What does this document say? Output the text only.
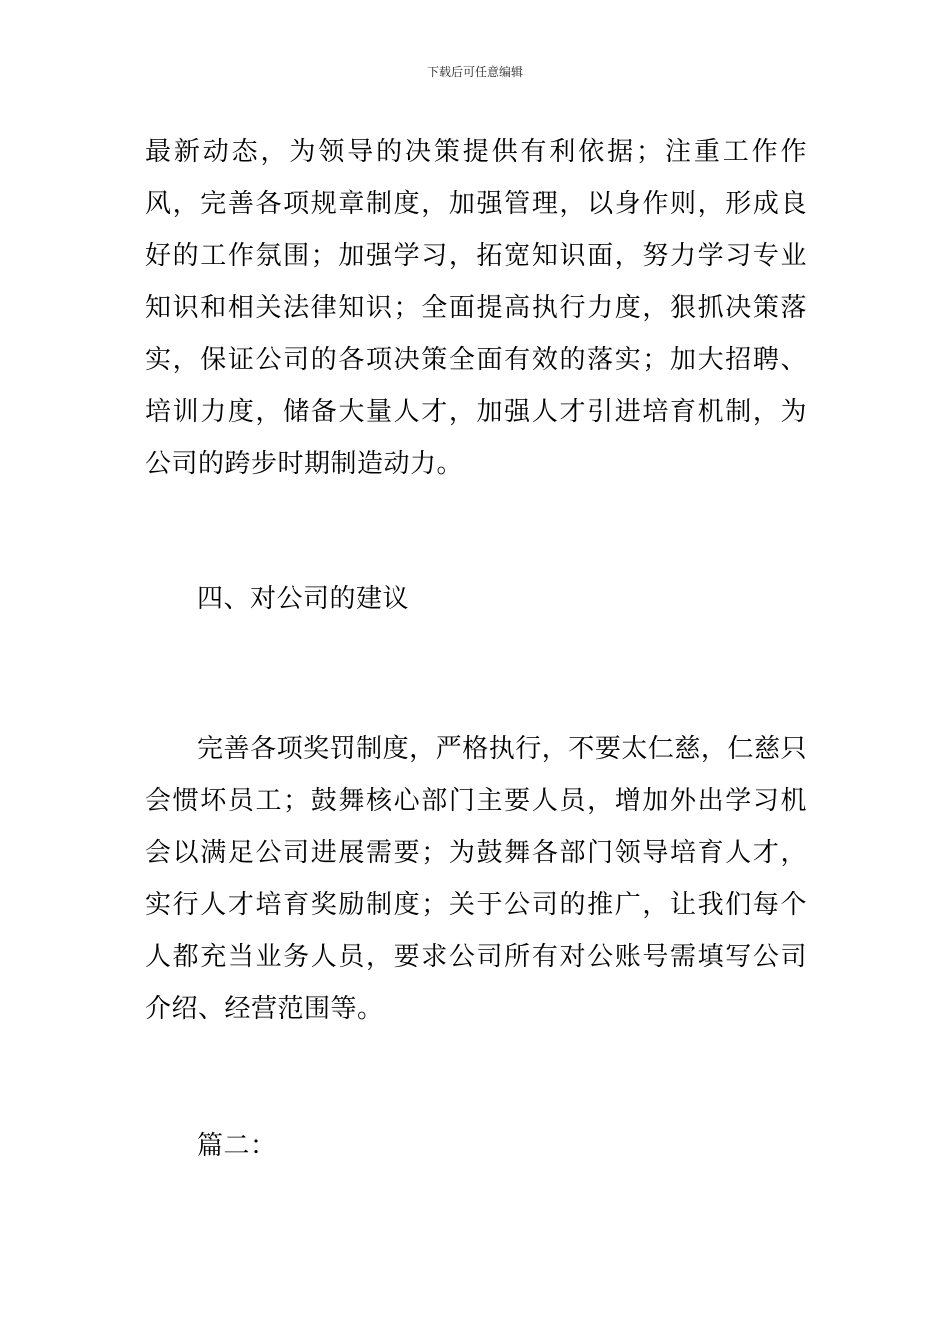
下载后可任意编辑

最新动态，为领导的决策提供有利依据；注重工作作风，完善各项规章制度，加强管理，以身作则，形成良好的工作氛围；加强学习，拓宽知识面，努力学习专业知识和相关法律知识；全面提高执行力度，狠抓决策落实，保证公司的各项决策全面有效的落实；加大招聘、培训力度，储备大量人才，加强人才引进培育机制，为公司的跨步时期制造动力。

四、对公司的建议

完善各项奖罚制度，严格执行，不要太仁慈，仁慈只会惯坏员工；鼓舞核心部门主要人员，增加外出学习机会以满足公司进展需要；为鼓舞各部门领导培育人才，实行人才培育奖励制度；关于公司的推广，让我们每个人都充当业务人员，要求公司所有对公账号需填写公司介绍、经营范围等。

篇二：
